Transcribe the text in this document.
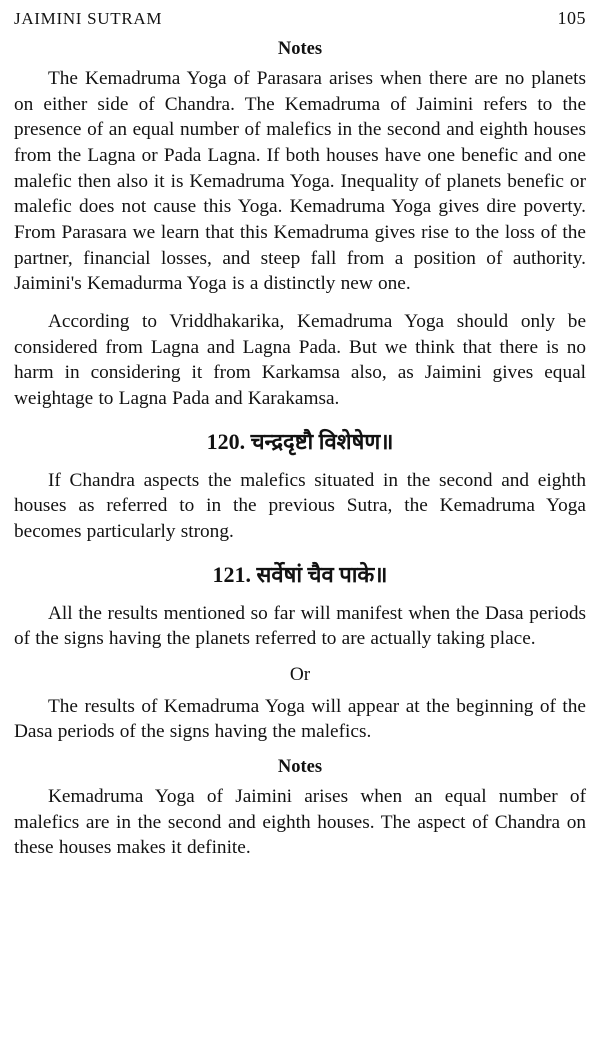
JAIMINI SUTRAM	105
Notes

The Kemadruma Yoga of Parasara arises when there are no planets on either side of Chandra. The Kemadruma of Jaimini refers to the presence of an equal number of malefics in the second and eighth houses from the Lagna or Pada Lagna. If both houses have one benefic and one malefic then also it is Kemadruma Yoga. Inequality of planets benefic or malefic does not cause this Yoga. Kemadruma Yoga gives dire poverty. From Parasara we learn that this Kemadruma gives rise to the loss of the partner, financial losses, and steep fall from a position of authority. Jaimini's Kemadurma Yoga is a distinctly new one.

According to Vriddhakarika, Kemadruma Yoga should only be considered from Lagna and Lagna Pada. But we think that there is no harm in considering it from Karkamsa also, as Jaimini gives equal weightage to Lagna Pada and Karakamsa.

120. चन्द्रदृष्टौ विशेषेण॥

If Chandra aspects the malefics situated in the second and eighth houses as referred to in the previous Sutra, the Kemadruma Yoga becomes particularly strong.

121. सर्वेषां चैव पाके॥

All the results mentioned so far will manifest when the Dasa periods of the signs having the planets referred to are actually taking place.

Or

The results of Kemadruma Yoga will appear at the beginning of the Dasa periods of the signs having the malefics.

Notes

Kemadruma Yoga of Jaimini arises when an equal number of malefics are in the second and eighth houses. The aspect of Chandra on these houses makes it definite.
